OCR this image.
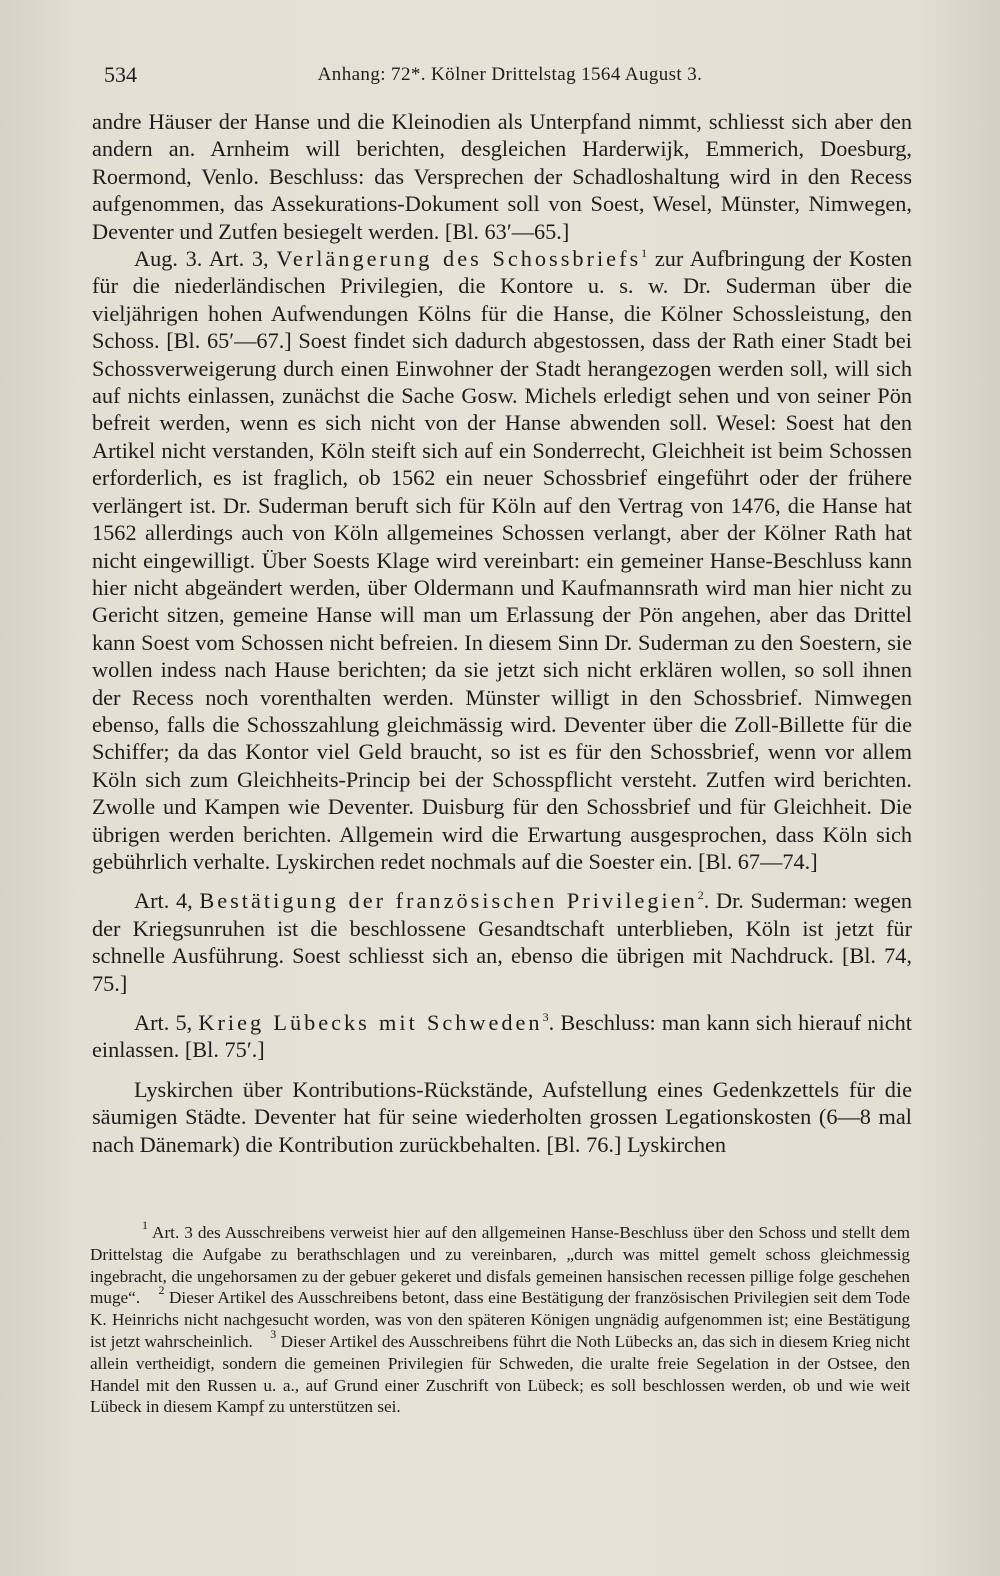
534	Anhang: 72*. Kölner Drittelstag 1564 August 3.

andre Häuser der Hanse und die Kleinodien als Unterpfand nimmt, schliesst sich aber den andern an. Arnheim will berichten, desgleichen Harderwijk, Emmerich, Doesburg, Roermond, Venlo. Beschluss: das Versprechen der Schadloshaltung wird in den Recess aufgenommen, das Assekurations-Dokument soll von Soest, Wesel, Münster, Nimwegen, Deventer und Zutfen besiegelt werden. [Bl. 63′—65.]

Aug. 3. Art. 3, Verlängerung des Schossbriefs$^1$ zur Aufbringung der Kosten für die niederländischen Privilegien, die Kontore u. s. w. Dr. Suderman über die vieljährigen hohen Aufwendungen Kölns für die Hanse, die Kölner Schossleistung, den Schoss. [Bl. 65′—67.] Soest findet sich dadurch abgestossen, dass der Rath einer Stadt bei Schossverweigerung durch einen Einwohner der Stadt herangezogen werden soll, will sich auf nichts einlassen, zunächst die Sache Gosw. Michels erledigt sehen und von seiner Pön befreit werden, wenn es sich nicht von der Hanse abwenden soll. Wesel: Soest hat den Artikel nicht verstanden, Köln steift sich auf ein Sonderrecht, Gleichheit ist beim Schossen erforderlich, es ist fraglich, ob 1562 ein neuer Schossbrief eingeführt oder der frühere verlängert ist. Dr. Suderman beruft sich für Köln auf den Vertrag von 1476, die Hanse hat 1562 allerdings auch von Köln allgemeines Schossen verlangt, aber der Kölner Rath hat nicht eingewilligt. Über Soests Klage wird vereinbart: ein gemeiner Hanse-Beschluss kann hier nicht abgeändert werden, über Oldermann und Kaufmannsrath wird man hier nicht zu Gericht sitzen, gemeine Hanse will man um Erlassung der Pön angehen, aber das Drittel kann Soest vom Schossen nicht befreien. In diesem Sinn Dr. Suderman zu den Soestern, sie wollen indess nach Hause berichten; da sie jetzt sich nicht erklären wollen, so soll ihnen der Recess noch vorenthalten werden. Münster willigt in den Schossbrief. Nimwegen ebenso, falls die Schosszahlung gleichmässig wird. Deventer über die Zoll-Billette für die Schiffer; da das Kontor viel Geld braucht, so ist es für den Schossbrief, wenn vor allem Köln sich zum Gleichheits-Princip bei der Schosspflicht versteht. Zutfen wird berichten. Zwolle und Kampen wie Deventer. Duisburg für den Schossbrief und für Gleichheit. Die übrigen werden berichten. Allgemein wird die Erwartung ausgesprochen, dass Köln sich gebührlich verhalte. Lyskirchen redet nochmals auf die Soester ein. [Bl. 67—74.]

Art. 4, Bestätigung der französischen Privilegien$^2$. Dr. Suderman: wegen der Kriegsunruhen ist die beschlossene Gesandtschaft unterblieben, Köln ist jetzt für schnelle Ausführung. Soest schliesst sich an, ebenso die übrigen mit Nachdruck. [Bl. 74, 75.]

Art. 5, Krieg Lübecks mit Schweden$^3$. Beschluss: man kann sich hierauf nicht einlassen. [Bl. 75′.]

Lyskirchen über Kontributions-Rückstände, Aufstellung eines Gedenkzettels für die säumigen Städte. Deventer hat für seine wiederholten grossen Legationskosten (6—8 mal nach Dänemark) die Kontribution zurückbehalten. [Bl. 76.] Lyskirchen

$^1$ Art. 3 des Ausschreibens verweist hier auf den allgemeinen Hanse-Beschluss über den Schoss und stellt dem Drittelstag die Aufgabe zu berathschlagen und zu vereinbaren, „durch was mittel gemelt schoss gleichmessig ingebracht, die ungehorsamen zu der gebuer gekeret und disfals gemeinen hansischen recessen pillige folge geschehen muge“. $^2$ Dieser Artikel des Ausschreibens betont, dass eine Bestätigung der französischen Privilegien seit dem Tode K. Heinrichs nicht nachgesucht worden, was von den späteren Königen ungnädig aufgenommen ist; eine Bestätigung ist jetzt wahrscheinlich. $^3$ Dieser Artikel des Ausschreibens führt die Noth Lübecks an, das sich in diesem Krieg nicht allein vertheidigt, sondern die gemeinen Privilegien für Schweden, die uralte freie Segelation in der Ostsee, den Handel mit den Russen u. a., auf Grund einer Zuschrift von Lübeck; es soll beschlossen werden, ob und wie weit Lübeck in diesem Kampf zu unterstützen sei.
